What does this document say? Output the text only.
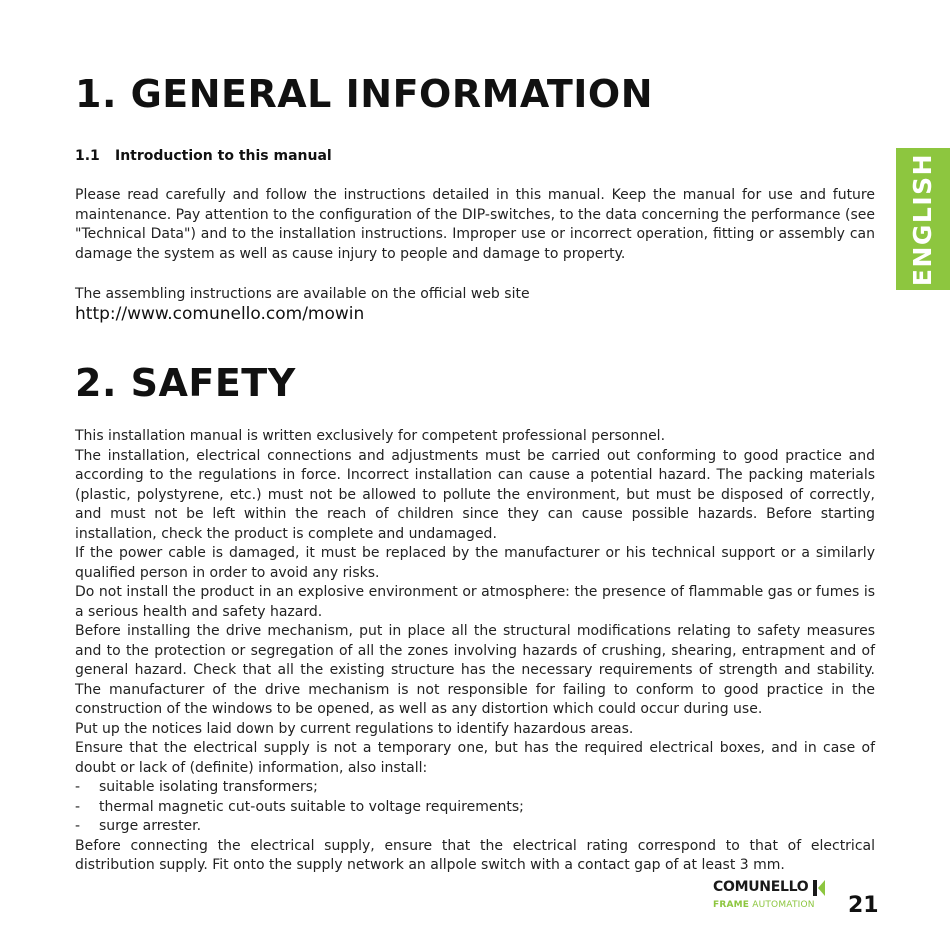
1. GENERAL INFORMATION
1.1 Introduction to this manual

Please read carefully and follow the instructions detailed in this manual. Keep the manual for use and future maintenance. Pay attention to the configuration of the DIP-switches, to the data concerning the performance (see "Technical Data") and to the installation instructions. Improper use or incorrect operation, fitting or assembly can damage the system as well as cause injury to people and damage to property.

The assembling instructions are available on the official web site

http://www.comunello.com/mowin
2. SAFETY

This installation manual is written exclusively for competent professional personnel.

The installation, electrical connections and adjustments must be carried out conforming to good practice and according to the regulations in force. Incorrect installation can cause a potential hazard. The packing materials (plastic, polystyrene, etc.) must not be allowed to pollute the environment, but must be disposed of correctly, and must not be left within the reach of children since they can cause possible hazards. Before starting installation, check the product is complete and undamaged.

If the power cable is damaged, it must be replaced by the manufacturer or his technical support or a similarly qualified person in order to avoid any risks.

Do not install the product in an explosive environment or atmosphere: the presence of flammable gas or fumes is a serious health and safety hazard.

Before installing the drive mechanism, put in place all the structural modifications relating to safety measures and to the protection or segregation of all the zones involving hazards of crushing, shearing, entrapment and of general hazard. Check that all the existing structure has the necessary requirements of strength and stability. The manufacturer of the drive mechanism is not responsible for failing to conform to good practice in the construction of the windows to be opened, as well as any distortion which could occur during use.

Put up the notices laid down by current regulations to identify hazardous areas.

Ensure that the electrical supply is not a temporary one, but has the required electrical boxes, and in case of doubt or lack of (definite) information, also install:

-	suitable isolating transformers;
-	thermal magnetic cut-outs suitable to voltage requirements;
-	surge arrester.

Before connecting the electrical supply, ensure that the electrical rating correspond to that of electrical distribution supply. Fit onto the supply network an allpole switch with a contact gap of at least 3 mm.

ENGLISH
COMUNELLO
FRAME AUTOMATION	21
